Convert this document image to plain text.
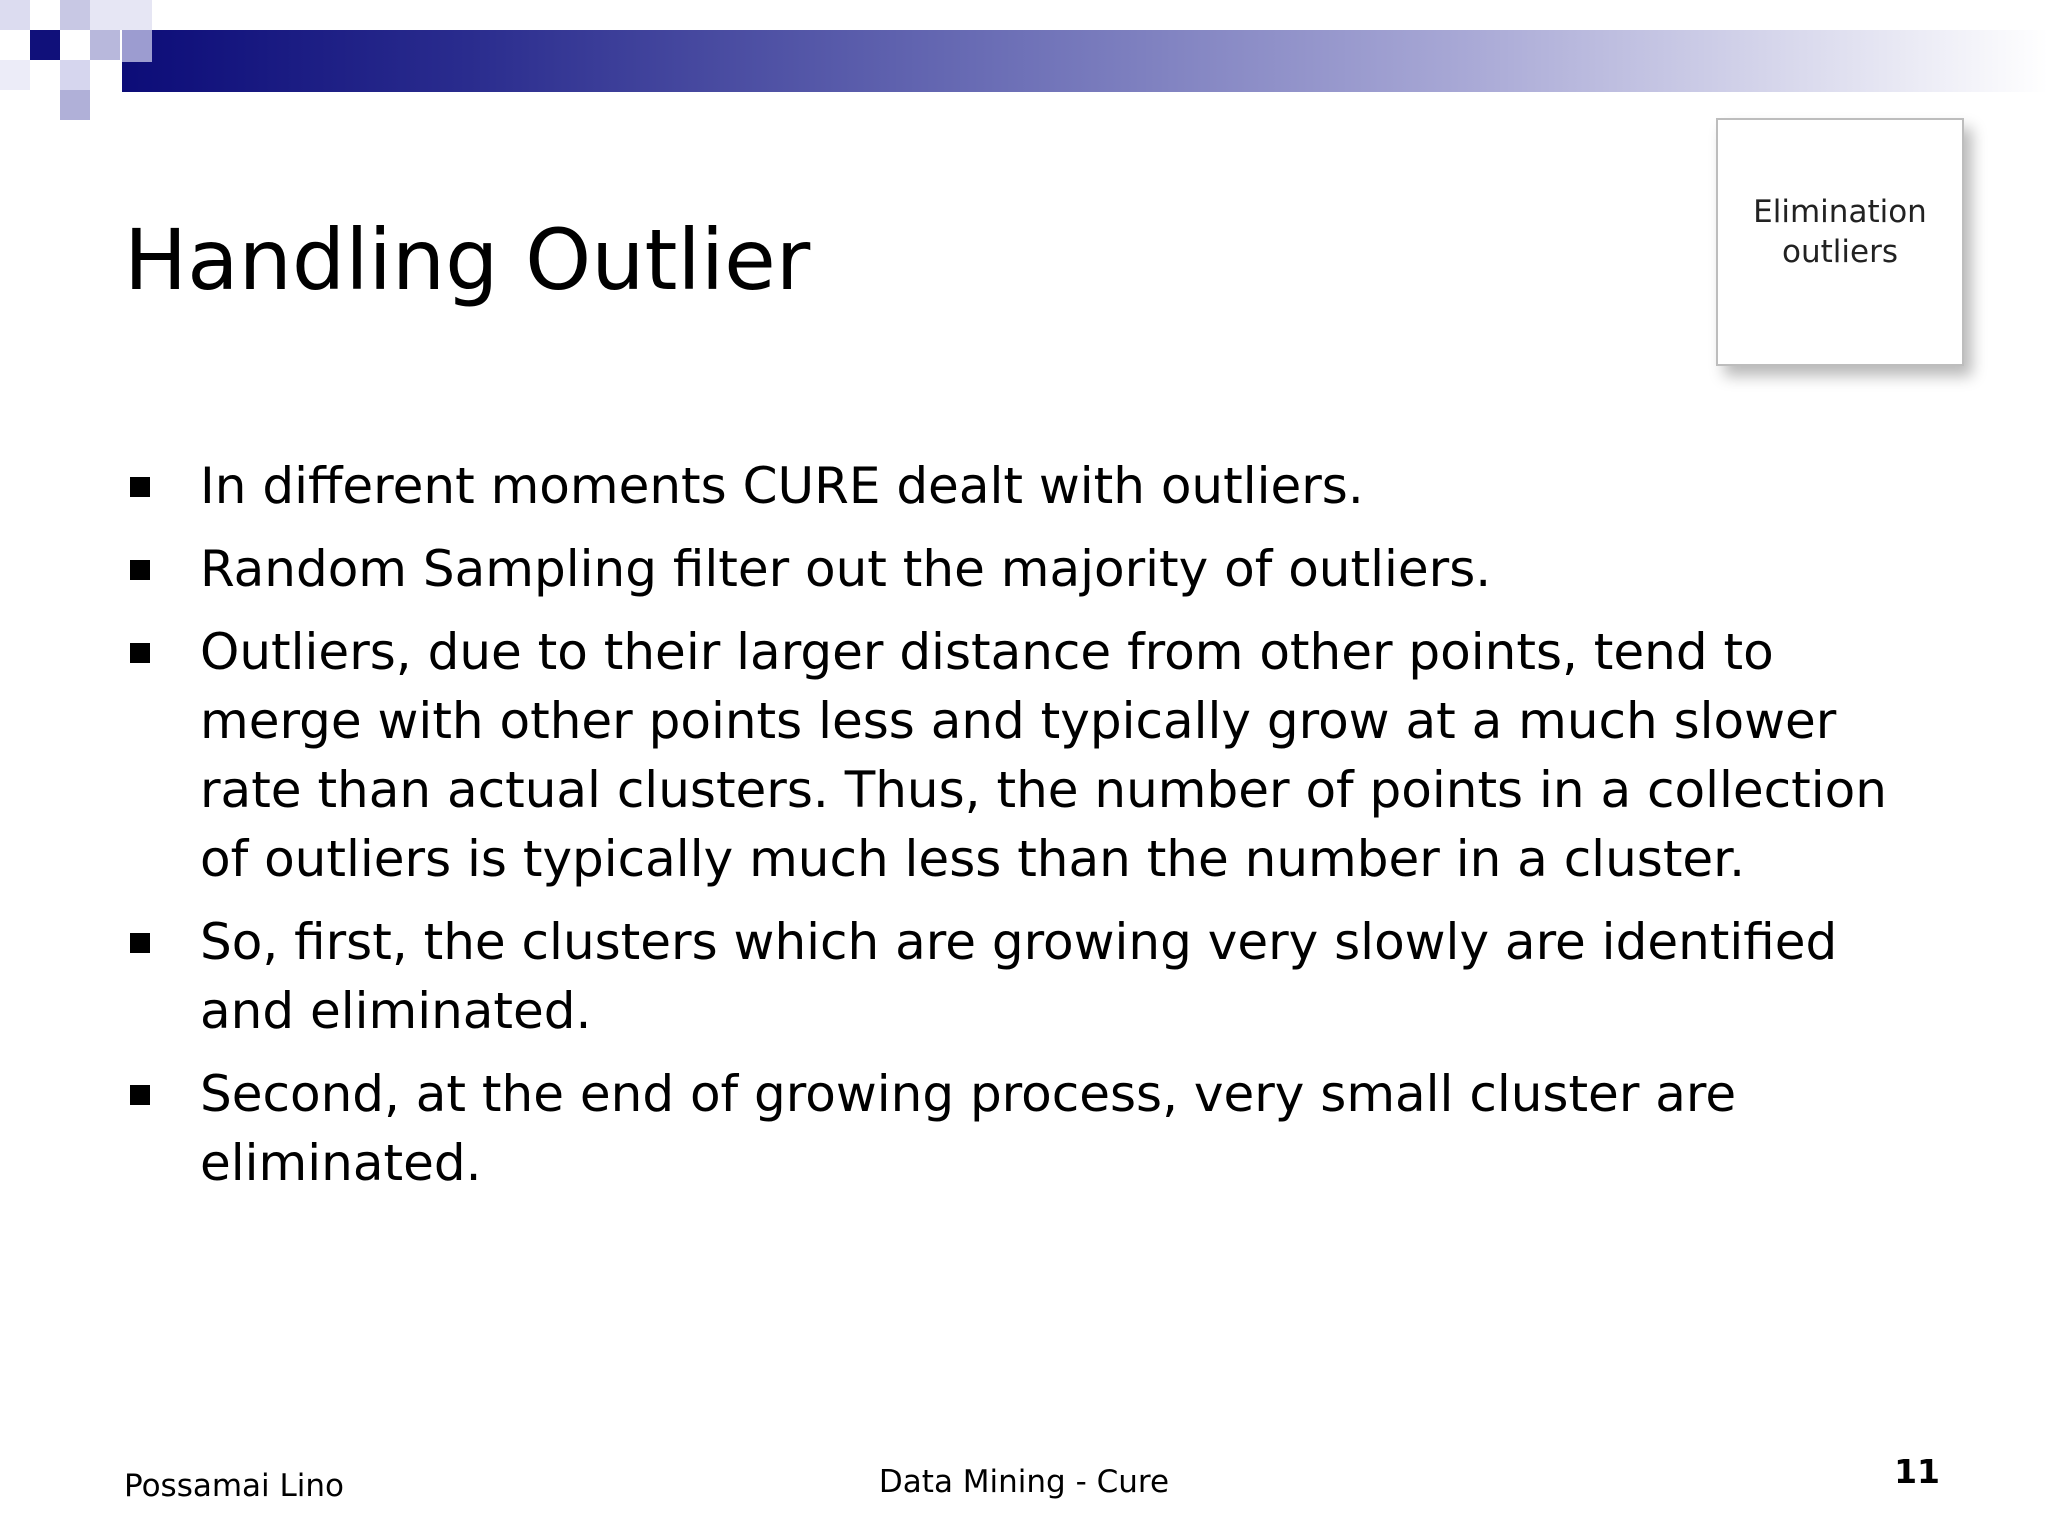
Handling Outlier	Elimination outliers
In different moments CURE dealt with outliers.
Random Sampling filter out the majority of outliers.
Outliers, due to their larger distance from other points, tend to merge with other points less and typically grow at a much slower rate than actual clusters. Thus, the number of points in a collection of outliers is typically much less than the number in a cluster.
So, first, the clusters which are growing very slowly are identified and eliminated.
Second, at the end of growing process, very small cluster are eliminated.
Possamai Lino	Data Mining - Cure	11
